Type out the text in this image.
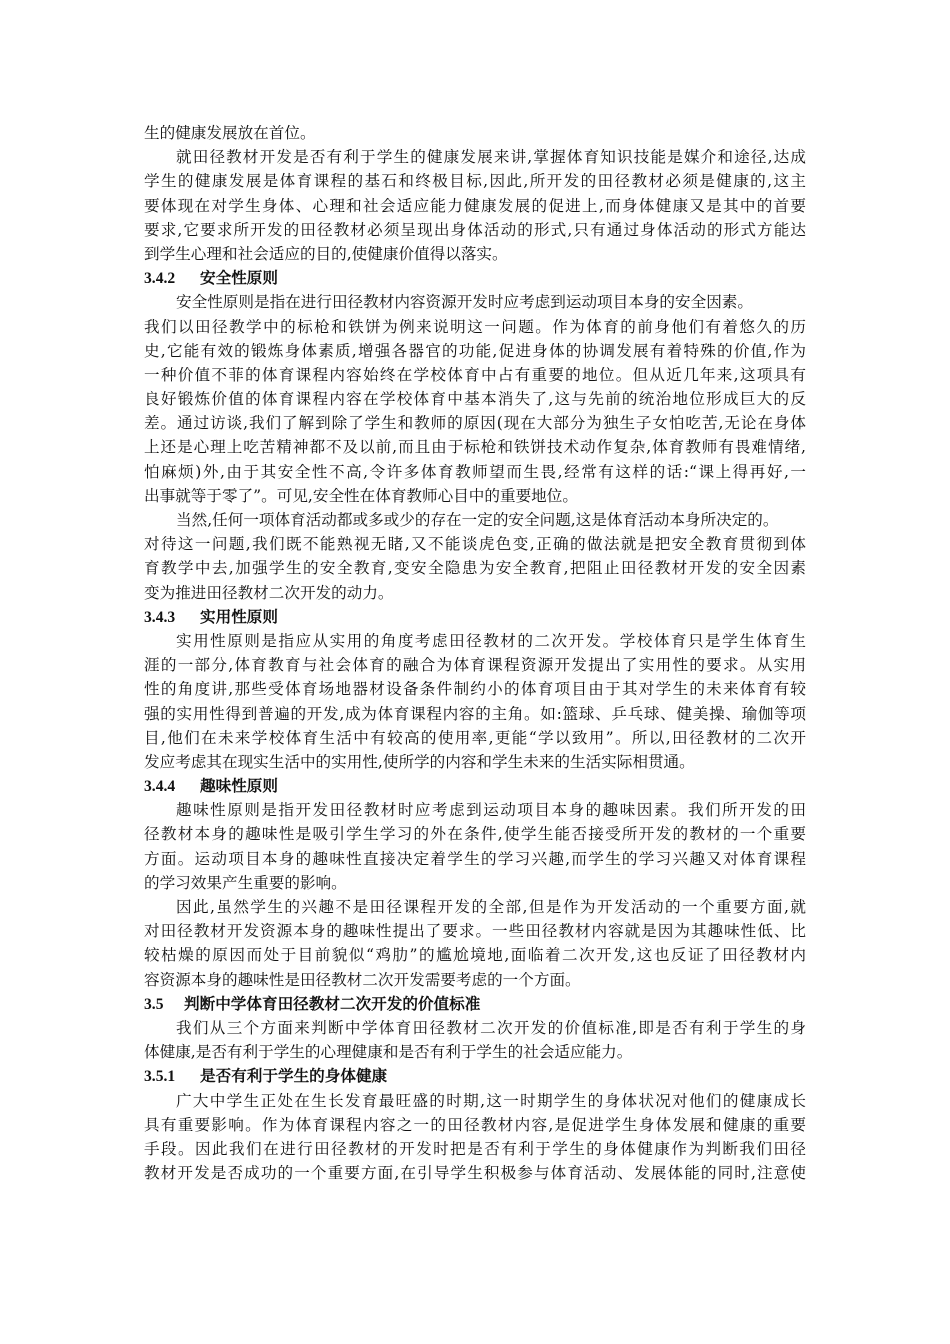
生的健康发展放在首位。
就田径教材开发是否有利于学生的健康发展来讲,掌握体育知识技能是媒介和途径,达成
学生的健康发展是体育课程的基石和终极目标,因此,所开发的田径教材必须是健康的,这主
要体现在对学生身体、心理和社会适应能力健康发展的促进上,而身体健康又是其中的首要
要求,它要求所开发的田径教材必须呈现出身体活动的形式,只有通过身体活动的形式方能达
到学生心理和社会适应的目的,使健康价值得以落实。
3.4.2 安全性原则
安全性原则是指在进行田径教材内容资源开发时应考虑到运动项目本身的安全因素。
我们以田径教学中的标枪和铁饼为例来说明这一问题。作为体育的前身他们有着悠久的历
史,它能有效的锻炼身体素质,增强各器官的功能,促进身体的协调发展有着特殊的价值,作为
一种价值不菲的体育课程内容始终在学校体育中占有重要的地位。但从近几年来,这项具有
良好锻炼价值的体育课程内容在学校体育中基本消失了,这与先前的统治地位形成巨大的反
差。通过访谈,我们了解到除了学生和教师的原因(现在大部分为独生子女怕吃苦,无论在身体
上还是心理上吃苦精神都不及以前,而且由于标枪和铁饼技术动作复杂,体育教师有畏难情绪,
怕麻烦)外,由于其安全性不高,令许多体育教师望而生畏,经常有这样的话:“课上得再好,一
出事就等于零了”。可见,安全性在体育教师心目中的重要地位。
当然,任何一项体育活动都或多或少的存在一定的安全问题,这是体育活动本身所决定的。
对待这一问题,我们既不能熟视无睹,又不能谈虎色变,正确的做法就是把安全教育贯彻到体
育教学中去,加强学生的安全教育,变安全隐患为安全教育,把阻止田径教材开发的安全因素
变为推进田径教材二次开发的动力。
3.4.3 实用性原则
实用性原则是指应从实用的角度考虑田径教材的二次开发。学校体育只是学生体育生
涯的一部分,体育教育与社会体育的融合为体育课程资源开发提出了实用性的要求。从实用
性的角度讲,那些受体育场地器材设备条件制约小的体育项目由于其对学生的未来体育有较
强的实用性得到普遍的开发,成为体育课程内容的主角。如:篮球、乒乓球、健美操、瑜伽等项
目,他们在未来学校体育生活中有较高的使用率,更能“学以致用”。所以,田径教材的二次开
发应考虑其在现实生活中的实用性,使所学的内容和学生未来的生活实际相贯通。
3.4.4 趣味性原则
趣味性原则是指开发田径教材时应考虑到运动项目本身的趣味因素。我们所开发的田
径教材本身的趣味性是吸引学生学习的外在条件,使学生能否接受所开发的教材的一个重要
方面。运动项目本身的趣味性直接决定着学生的学习兴趣,而学生的学习兴趣又对体育课程
的学习效果产生重要的影响。
因此,虽然学生的兴趣不是田径课程开发的全部,但是作为开发活动的一个重要方面,就
对田径教材开发资源本身的趣味性提出了要求。一些田径教材内容就是因为其趣味性低、比
较枯燥的原因而处于目前貌似“鸡肋”的尴尬境地,面临着二次开发,这也反证了田径教材内
容资源本身的趣味性是田径教材二次开发需要考虑的一个方面。
3.5 判断中学体育田径教材二次开发的价值标准
我们从三个方面来判断中学体育田径教材二次开发的价值标准,即是否有利于学生的身
体健康,是否有利于学生的心理健康和是否有利于学生的社会适应能力。
3.5.1 是否有利于学生的身体健康
广大中学生正处在生长发育最旺盛的时期,这一时期学生的身体状况对他们的健康成长
具有重要影响。作为体育课程内容之一的田径教材内容,是促进学生身体发展和健康的重要
手段。因此我们在进行田径教材的开发时把是否有利于学生的身体健康作为判断我们田径
教材开发是否成功的一个重要方面,在引导学生积极参与体育活动、发展体能的同时,注意使
